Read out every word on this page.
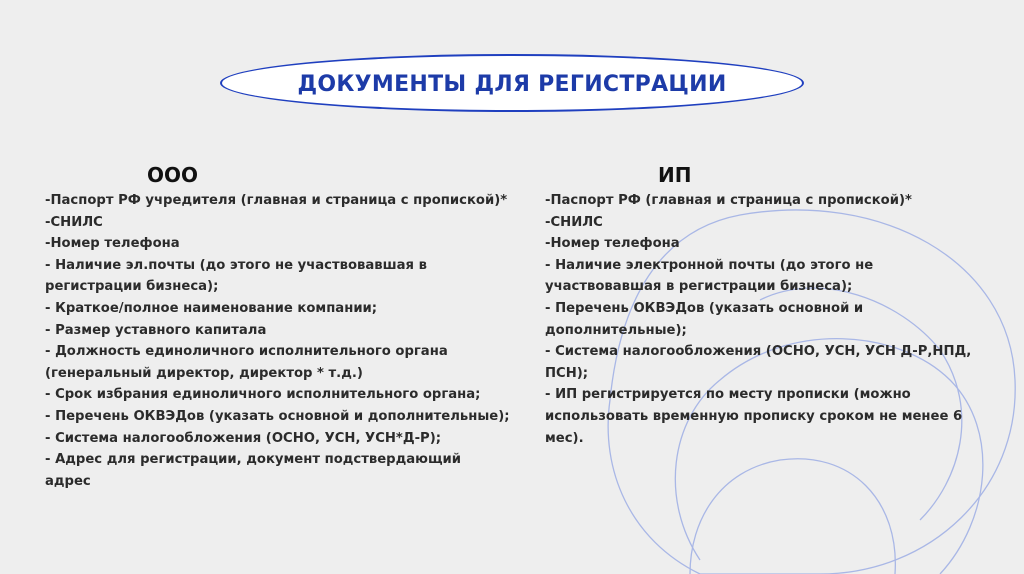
ДОКУМЕНТЫ ДЛЯ РЕГИСТРАЦИИ
ООО
-Паспорт РФ учредителя (главная и страница с пропиской)*
-СНИЛС
-Номер телефона
- Наличие эл.почты (до этого не участвовавшая в
регистрации бизнеса);
- Краткое/полное наименование компании;
- Размер уставного капитала
- Должность единоличного исполнительного органа
(генеральный директор, директор * т.д.)
- Срок избрания единоличного исполнительного органа;
- Перечень ОКВЭДов (указать основной и дополнительные);
- Система налогообложения (ОСНО, УСН, УСН*Д-Р);
- Адрес для регистрации, документ подствердающий
адрес
ИП
-Паспорт РФ (главная и страница с пропиской)*
-СНИЛС
-Номер телефона
- Наличие электронной почты (до этого не
участвовавшая в регистрации бизнеса);
- Перечень ОКВЭДов (указать основной и
дополнительные);
- Система налогообложения (ОСНО, УСН, УСН Д-Р,НПД,
ПСН);
- ИП регистрируется по месту прописки (можно
использовать временную прописку сроком не менее 6
мес).
